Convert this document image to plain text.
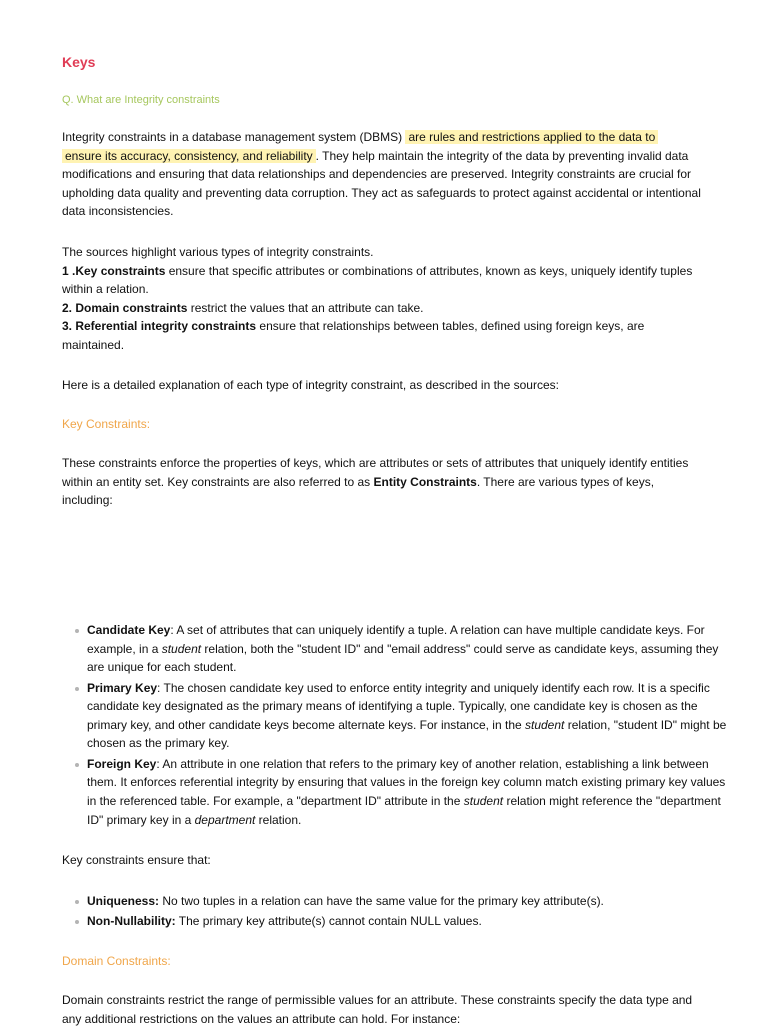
Keys
Q. What are Integrity constraints

Integrity constraints in a database management system (DBMS) are rules and restrictions applied to the data to
ensure its accuracy, consistency, and reliability . They help maintain the integrity of the data by preventing invalid data modifications and ensuring that data relationships and dependencies are preserved. Integrity constraints are crucial for upholding data quality and preventing data corruption. They act as safeguards to protect against accidental or intentional data inconsistencies.

The sources highlight various types of integrity constraints.
1 .Key constraints ensure that specific attributes or combinations of attributes, known as keys, uniquely identify tuples within a relation.
2. Domain constraints restrict the values that an attribute can take.
3. Referential integrity constraints ensure that relationships between tables, defined using foreign keys, are maintained.

Here is a detailed explanation of each type of integrity constraint, as described in the sources:

Key Constraints:

These constraints enforce the properties of keys, which are attributes or sets of attributes that uniquely identify entities within an entity set. Key constraints are also referred to as Entity Constraints. There are various types of keys, including:

Candidate Key: A set of attributes that can uniquely identify a tuple. A relation can have multiple candidate keys. For example, in a student relation, both the "student ID" and "email address" could serve as candidate keys, assuming they are unique for each student.
Primary Key: The chosen candidate key used to enforce entity integrity and uniquely identify each row. It is a specific candidate key designated as the primary means of identifying a tuple. Typically, one candidate key is chosen as the primary key, and other candidate keys become alternate keys. For instance, in the student relation, "student ID" might be chosen as the primary key.
Foreign Key: An attribute in one relation that refers to the primary key of another relation, establishing a link between them. It enforces referential integrity by ensuring that values in the foreign key column match existing primary key values in the referenced table. For example, a "department ID" attribute in the student relation might reference the "department ID" primary key in a department relation.

Key constraints ensure that:

Uniqueness: No two tuples in a relation can have the same value for the primary key attribute(s).
Non-Nullability: The primary key attribute(s) cannot contain NULL values.
Domain Constraints:

Domain constraints restrict the range of permissible values for an attribute. These constraints specify the data type and any additional restrictions on the values an attribute can hold. For instance:
